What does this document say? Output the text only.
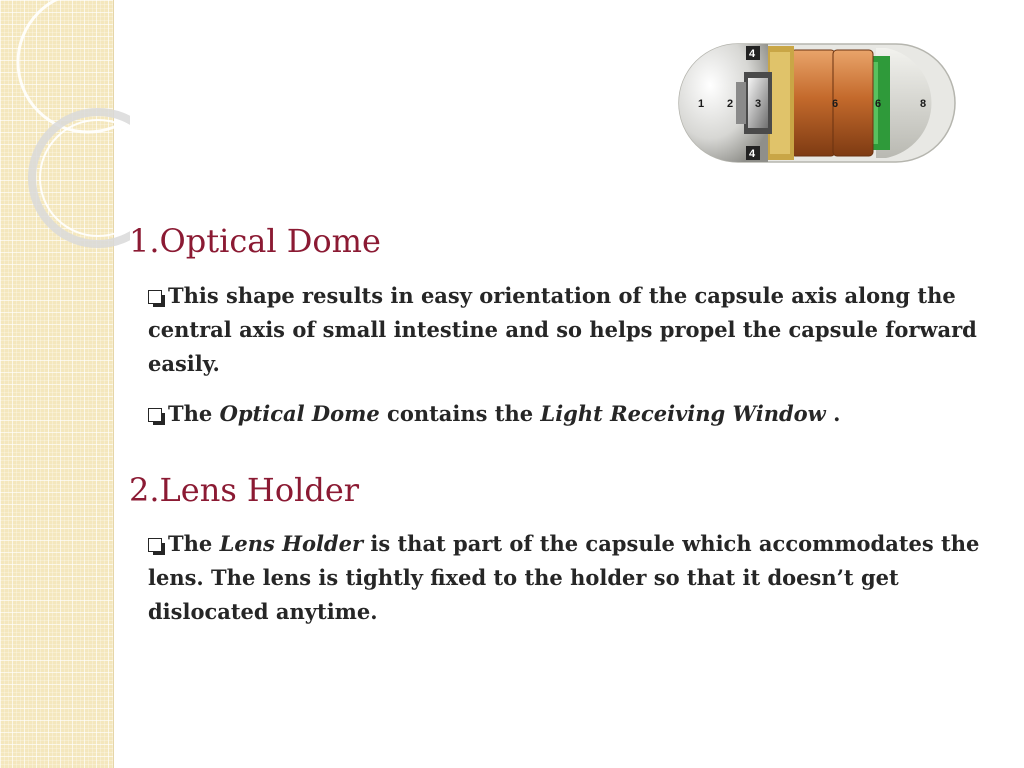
1 2 3
4
4
6	6	8
1.Optical Dome

This shape results in easy orientation of the capsule axis along the central axis of small intestine and so helps propel the capsule forward easily.

The Optical Dome contains the Light Receiving Window .

2.Lens Holder

The Lens Holder is that part of the capsule which accommodates the lens. The lens is tightly fixed to the holder so that it doesn’t get dislocated anytime.
